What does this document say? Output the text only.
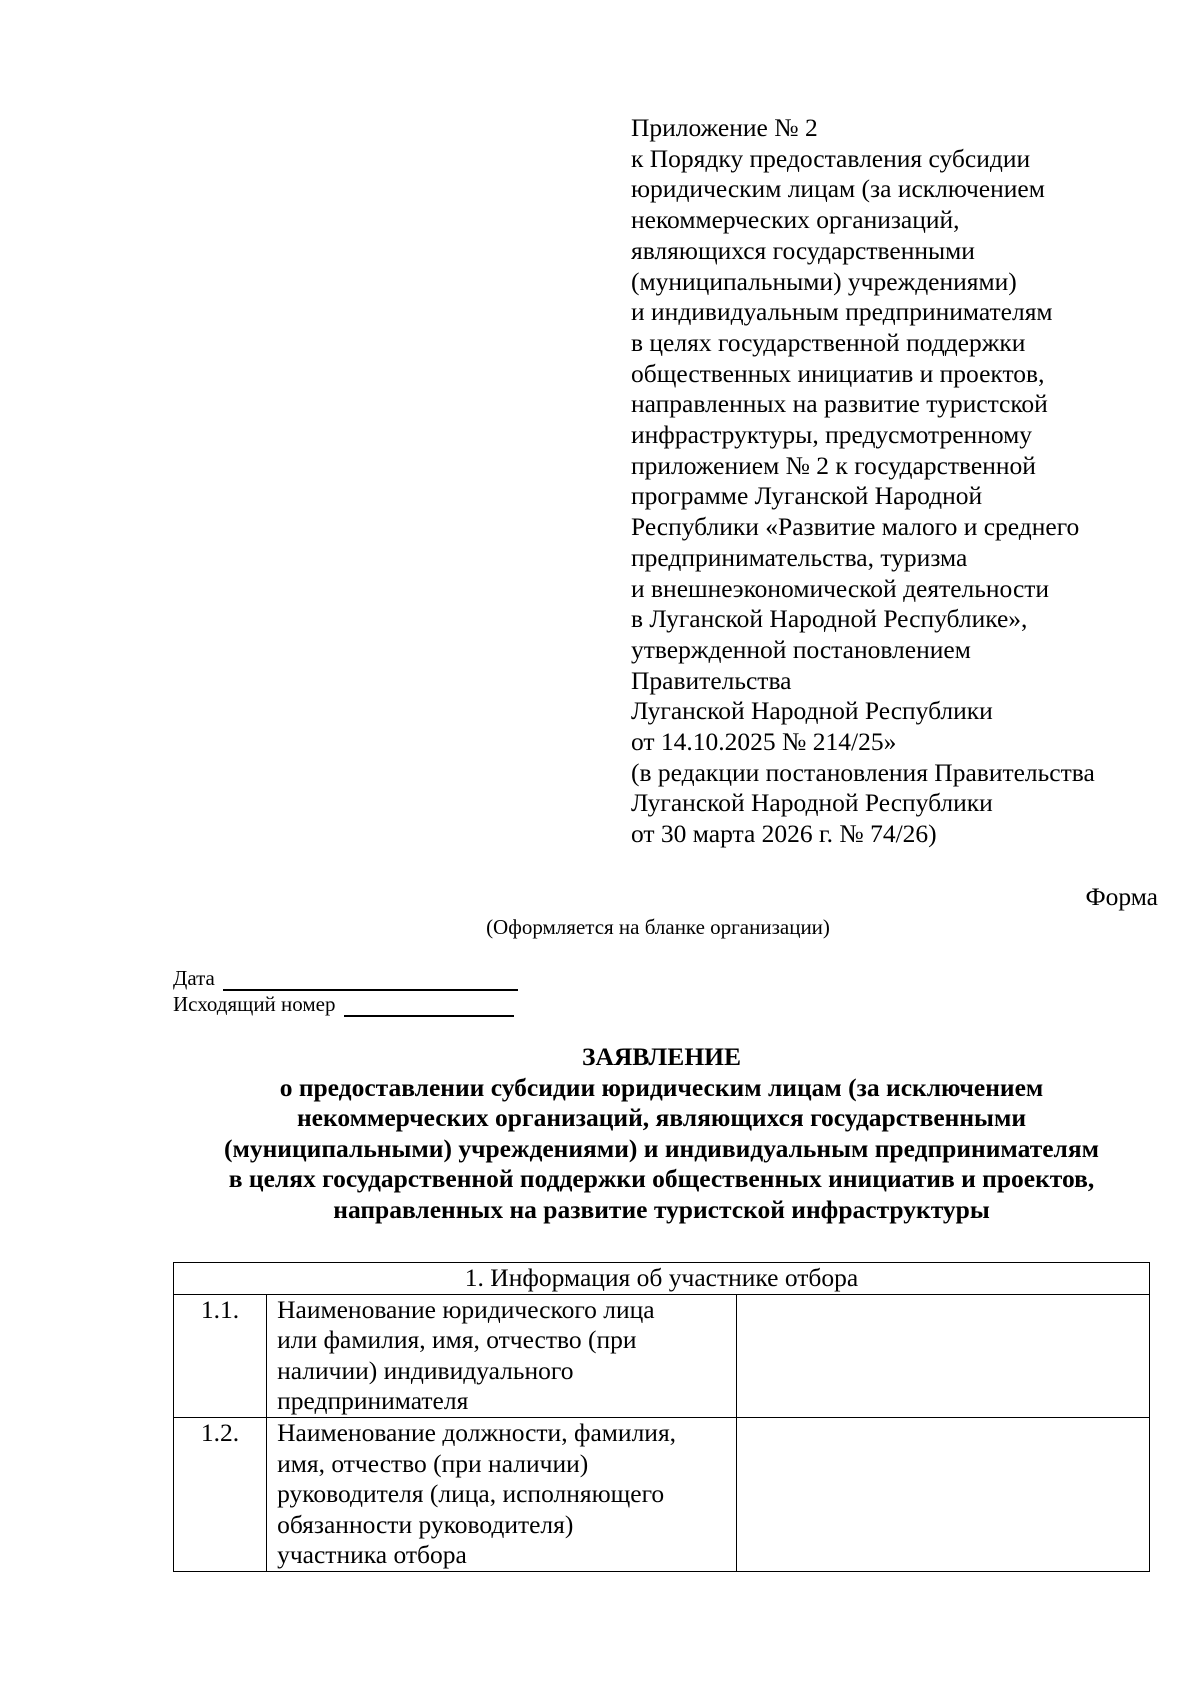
Приложение № 2
к Порядку предоставления субсидии
юридическим лицам (за исключением
некоммерческих организаций,
являющихся государственными
(муниципальными) учреждениями)
и индивидуальным предпринимателям
в целях государственной поддержки
общественных инициатив и проектов,
направленных на развитие туристской
инфраструктуры, предусмотренному
приложением № 2 к государственной
программе Луганской Народной
Республики «Развитие малого и среднего
предпринимательства, туризма
и внешнеэкономической деятельности
в Луганской Народной Республике»,
утвержденной постановлением
Правительства
Луганской Народной Республики
от 14.10.2025 № 214/25»
(в редакции постановления Правительства
Луганской Народной Республики
от 30 марта 2026 г. № 74/26)
Форма
(Оформляется на бланке организации)
Дата
Исходящий номер
ЗАЯВЛЕНИЕ
о предоставлении субсидии юридическим лицам (за исключением
некоммерческих организаций, являющихся государственными
(муниципальными) учреждениями) и индивидуальным предпринимателям
в целях государственной поддержки общественных инициатив и проектов,
направленных на развитие туристской инфраструктуры
1. Информация об участнике отбора		
1.1.	Наименование юридического лица
или фамилия, имя, отчество (при
наличии) индивидуального
предпринимателя	

1.2.	Наименование должности, фамилия,
имя, отчество (при наличии)
руководителя (лица, исполняющего
обязанности руководителя)
участника отбора	
